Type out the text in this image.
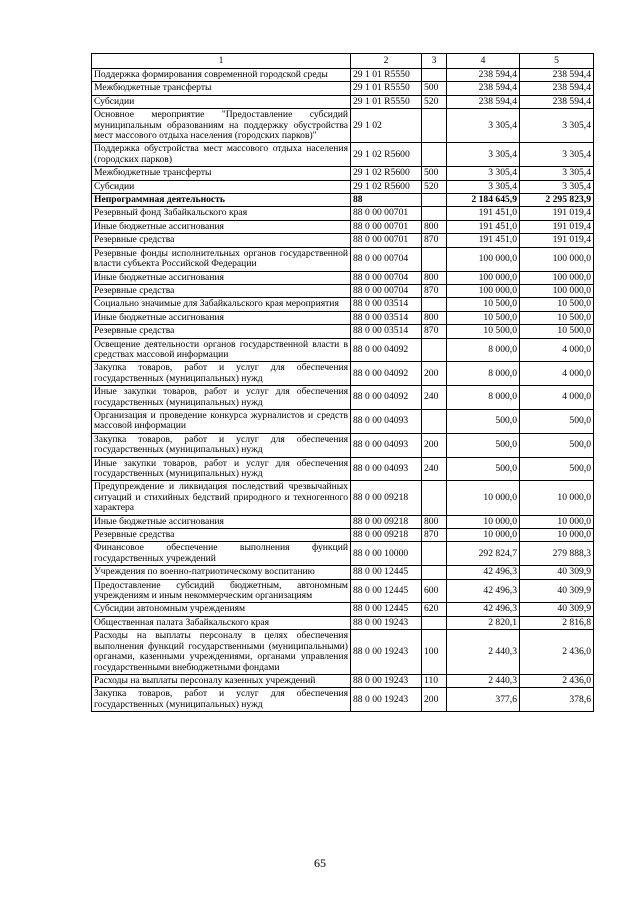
1	2	3	4	5
Поддержка формирования современной городской среды	29 1 01 R5550		238 594,4	238 594,4
Межбюджетные трансферты	29 1 01 R5550	500	238 594,4	238 594,4
Субсидии	29 1 01 R5550	520	238 594,4	238 594,4
Основное мероприятие "Предоставление субсидий муниципальным образованиям на поддержку обустройства мест массового отдыха населения (городских парков)"	29 1 02		3 305,4	3 305,4
Поддержка обустройства мест массового отдыха населения (городских парков)	29 1 02 R5600		3 305,4	3 305,4
Межбюджетные трансферты	29 1 02 R5600	500	3 305,4	3 305,4
Субсидии	29 1 02 R5600	520	3 305,4	3 305,4
Непрограммная деятельность	88		2 184 645,9	2 295 823,9
Резервный фонд Забайкальского края	88 0 00 00701		191 451,0	191 019,4
Иные бюджетные ассигнования	88 0 00 00701	800	191 451,0	191 019,4
Резервные средства	88 0 00 00701	870	191 451,0	191 019,4
Резервные фонды исполнительных органов государственной власти субъекта Российской Федерации	88 0 00 00704		100 000,0	100 000,0
Иные бюджетные ассигнования	88 0 00 00704	800	100 000,0	100 000,0
Резервные средства	88 0 00 00704	870	100 000,0	100 000,0
Социально значимые для Забайкальского края мероприятия	88 0 00 03514		10 500,0	10 500,0
Иные бюджетные ассигнования	88 0 00 03514	800	10 500,0	10 500,0
Резервные средства	88 0 00 03514	870	10 500,0	10 500,0
Освещение деятельности органов государственной власти в средствах массовой информации	88 0 00 04092		8 000,0	4 000,0
Закупка товаров, работ и услуг для обеспечения государственных (муниципальных) нужд	88 0 00 04092	200	8 000,0	4 000,0
Иные закупки товаров, работ и услуг для обеспечения государственных (муниципальных) нужд	88 0 00 04092	240	8 000,0	4 000,0
Организация и проведение конкурса журналистов и средств массовой информации	88 0 00 04093		500,0	500,0
Закупка товаров, работ и услуг для обеспечения государственных (муниципальных) нужд	88 0 00 04093	200	500,0	500,0
Иные закупки товаров, работ и услуг для обеспечения государственных (муниципальных) нужд	88 0 00 04093	240	500,0	500,0
Предупреждение и ликвидация последствий чрезвычайных ситуаций и стихийных бедствий природного и техногенного характера	88 0 00 09218		10 000,0	10 000,0
Иные бюджетные ассигнования	88 0 00 09218	800	10 000,0	10 000,0
Резервные средства	88 0 00 09218	870	10 000,0	10 000,0
Финансовое обеспечение выполнения функций государственных учреждений	88 0 00 10000		292 824,7	279 888,3
Учреждения по военно-патриотическому воспитанию	88 0 00 12445		42 496,3	40 309,9
Предоставление субсидий бюджетным, автономным учреждениям и иным некоммерческим организациям	88 0 00 12445	600	42 496,3	40 309,9
Субсидии автономным учреждениям	88 0 00 12445	620	42 496,3	40 309,9
Общественная палата Забайкальского края	88 0 00 19243		2 820,1	2 816,8
Расходы на выплаты персоналу в целях обеспечения выполнения функций государственными (муниципальными) органами, казенными учреждениями, органами управления государственными внебюджетными фондами	88 0 00 19243	100	2 440,3	2 436,0
Расходы на выплаты персоналу казенных учреждений	88 0 00 19243	110	2 440,3	2 436,0
Закупка товаров, работ и услуг для обеспечения государственных (муниципальных) нужд	88 0 00 19243	200	377,6	378,6
65
